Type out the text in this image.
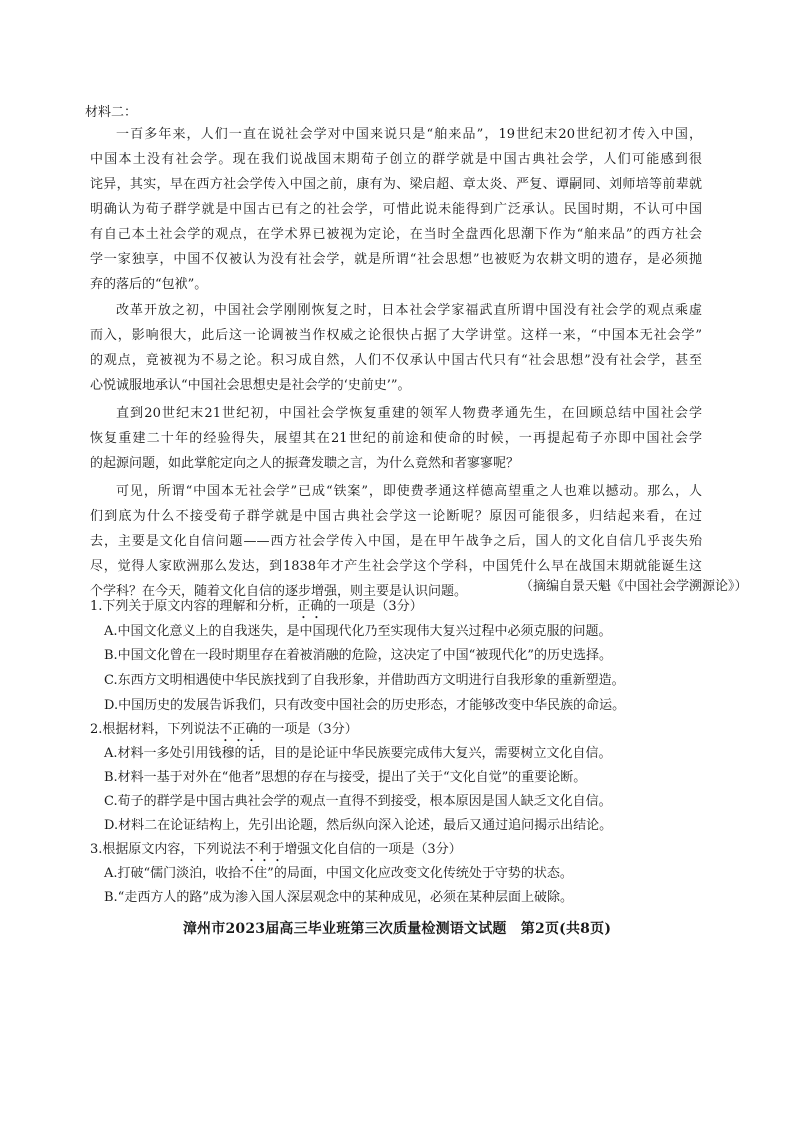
材料二：
一百多年来，人们一直在说社会学对中国来说只是“舶来品”，19世纪末20世纪初才传入中国，
中国本土没有社会学。现在我们说战国末期荀子创立的群学就是中国古典社会学，人们可能感到很
诧异，其实，早在西方社会学传入中国之前，康有为、梁启超、章太炎、严复、谭嗣同、刘师培等前辈就
明确认为荀子群学就是中国古已有之的社会学，可惜此说未能得到广泛承认。民国时期，不认可中国
有自己本土社会学的观点，在学术界已被视为定论，在当时全盘西化思潮下作为“舶来品”的西方社会
学一家独享，中国不仅被认为没有社会学，就是所谓“社会思想”也被贬为农耕文明的遗存，是必须抛
弃的落后的“包袱”。
改革开放之初，中国社会学刚刚恢复之时，日本社会学家福武直所谓中国没有社会学的观点乘虚
而入，影响很大，此后这一论调被当作权威之论很快占据了大学讲堂。这样一来，“中国本无社会学”
的观点，竟被视为不易之论。积习成自然，人们不仅承认中国古代只有“社会思想”没有社会学，甚至
心悦诚服地承认“中国社会思想史是社会学的‘史前史’”。
直到20世纪末21世纪初，中国社会学恢复重建的领军人物费孝通先生，在回顾总结中国社会学
恢复重建二十年的经验得失，展望其在21世纪的前途和使命的时候，一再提起荀子亦即中国社会学
的起源问题，如此掌舵定向之人的振聋发聩之言，为什么竟然和者寥寥呢？
可见，所谓“中国本无社会学”已成“铁案”，即使费孝通这样德高望重之人也难以撼动。那么，人
们到底为什么不接受荀子群学就是中国古典社会学这一论断呢？原因可能很多，归结起来看，在过
去，主要是文化自信问题——西方社会学传入中国，是在甲午战争之后，国人的文化自信几乎丧失殆
尽，觉得人家欧洲那么发达，到1838年才产生社会学这个学科，中国凭什么早在战国末期就能诞生这
个学科？在今天，随着文化自信的逐步增强，则主要是认识问题。	（摘编自景天魁《中国社会学溯源论》）
1.下列关于原文内容的理解和分析，正确的一项是（3分）
A.中国文化意义上的自我迷失，是中国现代化乃至实现伟大复兴过程中必须克服的问题。
B.中国文化曾在一段时期里存在着被消融的危险，这决定了中国“被现代化”的历史选择。
C.东西方文明相遇使中华民族找到了自我形象，并借助西方文明进行自我形象的重新塑造。
D.中国历史的发展告诉我们，只有改变中国社会的历史形态，才能够改变中华民族的命运。
2.根据材料，下列说法不正确的一项是（3分）
A.材料一多处引用钱穆的话，目的是论证中华民族要完成伟大复兴，需要树立文化自信。
B.材料一基于对外在“他者”思想的存在与接受，提出了关于“文化自觉”的重要论断。
C.荀子的群学是中国古典社会学的观点一直得不到接受，根本原因是国人缺乏文化自信。
D.材料二在论证结构上，先引出论题，然后纵向深入论述，最后又通过追问揭示出结论。
3.根据原文内容，下列说法不利于增强文化自信的一项是（3分）
A.打破“儒门淡泊，收拾不住”的局面，中国文化应改变文化传统处于守势的状态。
B.“走西方人的路”成为渗入国人深层观念中的某种成见，必须在某种层面上破除。
漳州市2023届高三毕业班第三次质量检测语文试题　第2页(共8页)
